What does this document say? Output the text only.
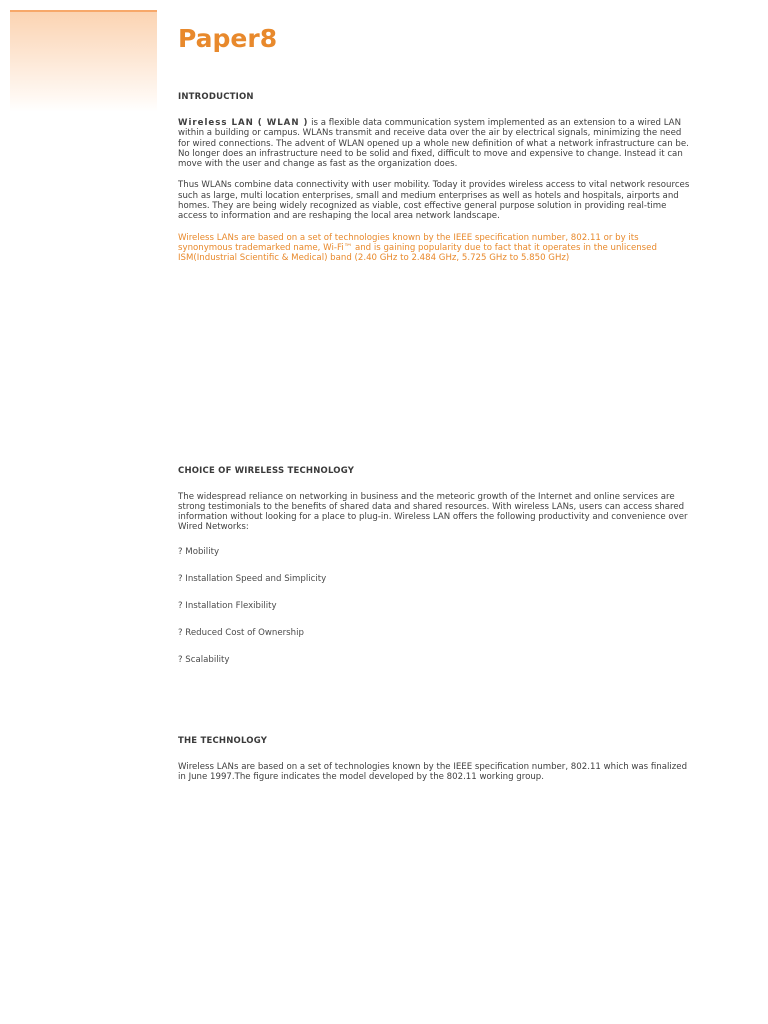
Paper8
INTRODUCTION

Wireless LAN ( WLAN ) is a flexible data communication system implemented as an extension to a wired LAN within a building or campus. WLANs transmit and receive data over the air by electrical signals, minimizing the need for wired connections. The advent of WLAN opened up a whole new definition of what a network infrastructure can be. No longer does an infrastructure need to be solid and fixed, difficult to move and expensive to change. Instead it can move with the user and change as fast as the organization does.

Thus WLANs combine data connectivity with user mobility. Today it provides wireless access to vital network resources such as large, multi location enterprises, small and medium enterprises as well as hotels and hospitals, airports and homes. They are being widely recognized as viable, cost effective general purpose solution in providing real-time access to information and are reshaping the local area network landscape.

Wireless LANs are based on a set of technologies known by the IEEE specification number, 802.11 or by its synonymous trademarked name, Wi-Fi™ and is gaining popularity due to fact that it operates in the unlicensed ISM(Industrial Scientific & Medical) band (2.40 GHz to 2.484 GHz, 5.725 GHz to 5.850 GHz)

CHOICE OF WIRELESS TECHNOLOGY

The widespread reliance on networking in business and the meteoric growth of the Internet and online services are strong testimonials to the benefits of shared data and shared resources. With wireless LANs, users can access shared information without looking for a place to plug-in. Wireless LAN offers the following productivity and convenience over Wired Networks:

? Mobility

? Installation Speed and Simplicity

? Installation Flexibility

? Reduced Cost of Ownership

? Scalability

THE TECHNOLOGY

Wireless LANs are based on a set of technologies known by the IEEE specification number, 802.11 which was finalized in June 1997.The figure indicates the model developed by the 802.11 working group.
